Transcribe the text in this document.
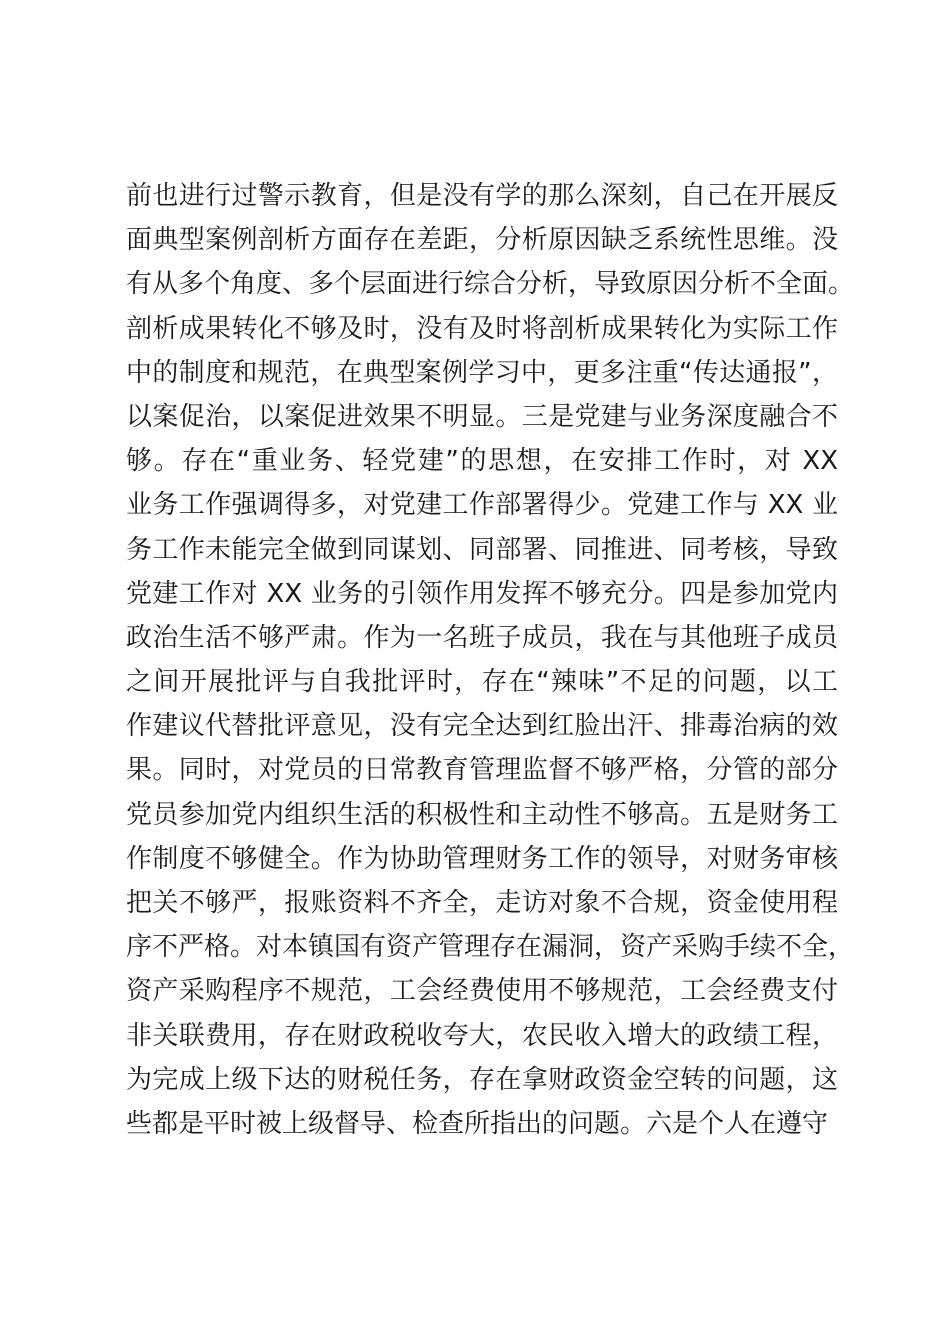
前也进行过警示教育，但是没有学的那么深刻，自己在开展反
面典型案例剖析方面存在差距，分析原因缺乏系统性思维。没
有从多个角度、多个层面进行综合分析，导致原因分析不全面。
剖析成果转化不够及时，没有及时将剖析成果转化为实际工作
中的制度和规范，在典型案例学习中，更多注重“传达通报”，
以案促治，以案促进效果不明显。三是党建与业务深度融合不
够。存在“重业务、轻党建”的思想，在安排工作时，对 XX
业务工作强调得多，对党建工作部署得少。党建工作与 XX 业
务工作未能完全做到同谋划、同部署、同推进、同考核，导致
党建工作对 XX 业务的引领作用发挥不够充分。四是参加党内
政治生活不够严肃。作为一名班子成员，我在与其他班子成员
之间开展批评与自我批评时，存在“辣味”不足的问题，以工
作建议代替批评意见，没有完全达到红脸出汗、排毒治病的效
果。同时，对党员的日常教育管理监督不够严格，分管的部分
党员参加党内组织生活的积极性和主动性不够高。五是财务工
作制度不够健全。作为协助管理财务工作的领导，对财务审核
把关不够严，报账资料不齐全，走访对象不合规，资金使用程
序不严格。对本镇国有资产管理存在漏洞，资产采购手续不全，
资产采购程序不规范，工会经费使用不够规范，工会经费支付
非关联费用，存在财政税收夸大，农民收入增大的政绩工程，
为完成上级下达的财税任务，存在拿财政资金空转的问题，这
些都是平时被上级督导、检查所指出的问题。六是个人在遵守
